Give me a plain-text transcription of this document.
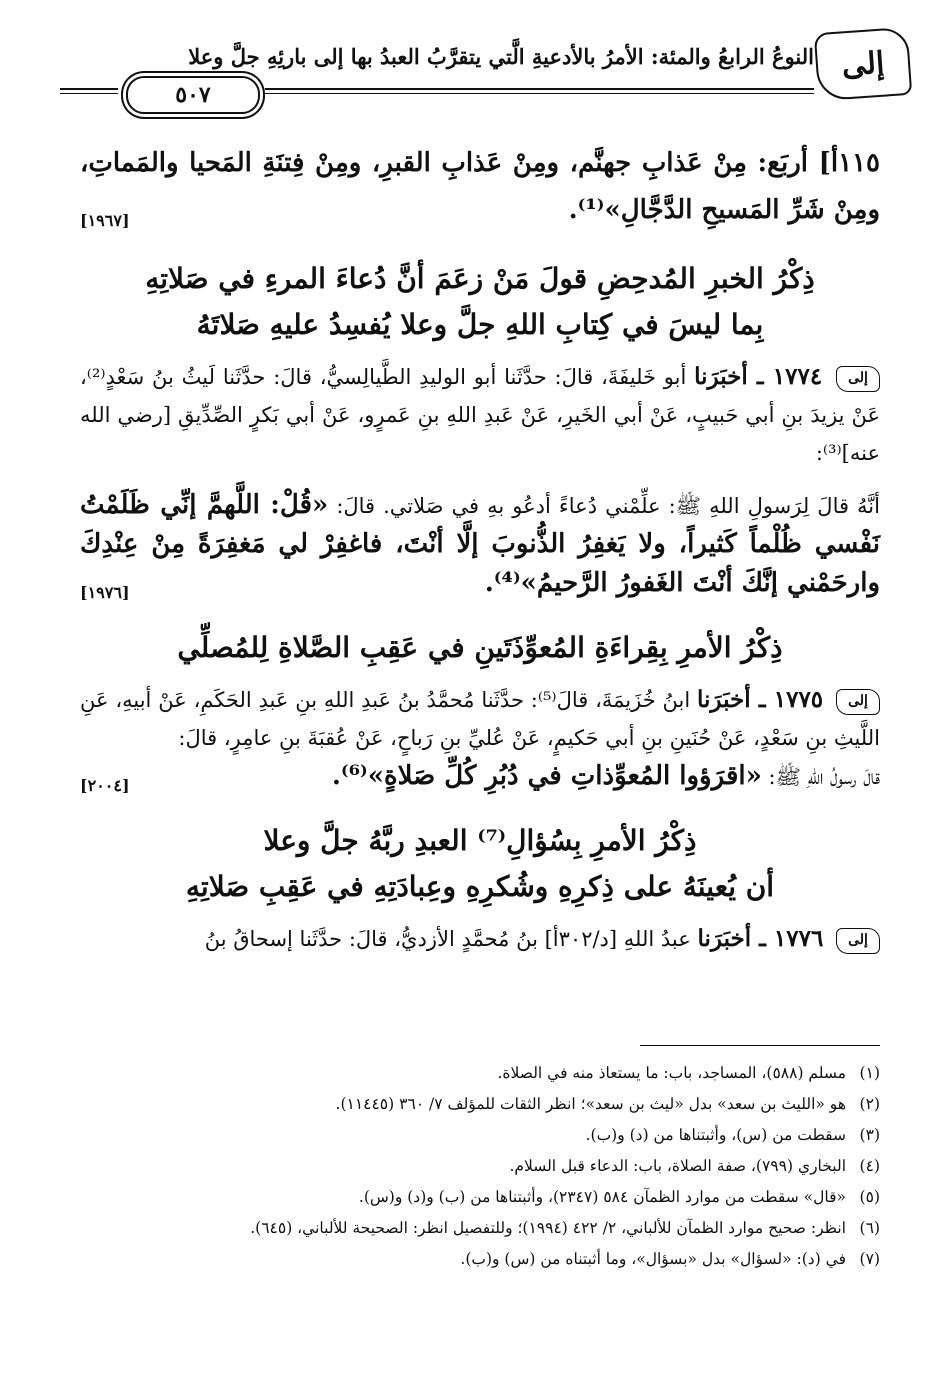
إلى
النوعُ الرابعُ والمئة: الأمرُ بالأدعيةِ الَّتي يتقرَّبُ العبدُ بها إلى بارئِهِ جلَّ وعلا
٥٠٧

١١٥أ] أربَع: مِنْ عَذابِ جهنَّم، ومِنْ عَذابِ القبرِ، ومِنْ فِتنَةِ المَحيا والمَماتِ، ومِنْ شَرِّ المَسيحِ الدَّجَّالِ»⁽¹⁾.
[١٩٦٧]

ذِكْرُ الخبرِ المُدحِضِ قولَ مَنْ زعَمَ أنَّ دُعاءَ المرءِ في صَلاتِهِ
بِما ليسَ في كِتابِ اللهِ جلَّ وعلا يُفسِدُ عليهِ صَلاتَهُ

إلى ١٧٧٤ ـ أخبَرَنا أبو خَليفَةَ، قالَ: حدَّثَنا أبو الوليدِ الطَّيالِسيُّ، قالَ: حدَّثَنا لَيثُ بنُ سَعْدٍ⁽²⁾، عَنْ يزيدَ بنِ أبي حَبيبٍ، عَنْ أبي الخَيرِ، عَنْ عَبدِ اللهِ بنِ عَمرٍو، عَنْ أبي بَكرٍ الصِّدِّيقِ [رضي الله عنه]⁽³⁾:

أنَّهُ قالَ لِرَسولِ اللهِ ﷺ: علِّمْني دُعاءً أدعُو بهِ في صَلاتي. قالَ: «قُلْ: اللَّهمَّ إنِّي ظَلَمْتُ نَفْسي ظُلْماً كَثيراً، ولا يَغفِرُ الذُّنوبَ إلَّا أنْتَ، فاغفِرْ لي مَغفِرَةً مِنْ عِنْدِكَ وارحَمْني إنَّكَ أنْتَ الغَفورُ الرَّحيمُ»⁽⁴⁾.
[١٩٧٦]

ذِكْرُ الأمرِ بِقِراءَةِ المُعوِّذَتَينِ في عَقِبِ الصَّلاةِ لِلمُصلِّي

إلى ١٧٧٥ ـ أخبَرَنا ابنُ خُزَيمَةَ، قالَ⁽⁵⁾: حدَّثَنا مُحمَّدُ بنُ عَبدِ اللهِ بنِ عَبدِ الحَكَمِ، عَنْ أبيهِ، عَنِ اللَّيثِ بنِ سَعْدٍ، عَنْ حُنَينِ بنِ أبي حَكيمٍ، عَنْ عُليِّ بنِ رَباحٍ، عَنْ عُقبَةَ بنِ عامِرٍ، قالَ:

قالَ رسولُ اللهِ ﷺ: «اقرَؤوا المُعوِّذاتِ في دُبُرِ كُلِّ صَلاةٍ»⁽⁶⁾.
[٢٠٠٤]

ذِكْرُ الأمرِ بِسُؤالِ⁽⁷⁾ العبدِ ربَّهُ جلَّ وعلا
أن يُعينَهُ على ذِكرِهِ وشُكرِهِ وعِبادَتِهِ في عَقِبِ صَلاتِهِ

إلى ١٧٧٦ ـ أخبَرَنا عبدُ اللهِ [د/٣٠٢أ] بنُ مُحمَّدٍ الأزديُّ، قالَ: حدَّثَنا إسحاقُ بنُ

(١)
مسلم (٥٨٨)، المساجد، باب: ما يستعاذ منه في الصلاة.

(٢)
هو «الليث بن سعد» بدل «ليث بن سعد»؛ انظر الثقات للمؤلف ٧/ ٣٦٠ (١١٤٤٥).

(٣)
سقطت من (س)، وأثبتناها من (د) و(ب).

(٤)
البخاري (٧٩٩)، صفة الصلاة، باب: الدعاء قبل السلام.

(٥)
«قال» سقطت من موارد الظمآن ٥٨٤ (٢٣٤٧)، وأثبتناها من (ب) و(د) و(س).

(٦)
انظر: صحيح موارد الظمآن للألباني، ٢/ ٤٢٢ (١٩٩٤)؛ وللتفصيل انظر: الصحيحة للألباني، (٦٤٥).

(٧)
في (د): «لسؤال» بدل «بسؤال»، وما أثبتناه من (س) و(ب).
